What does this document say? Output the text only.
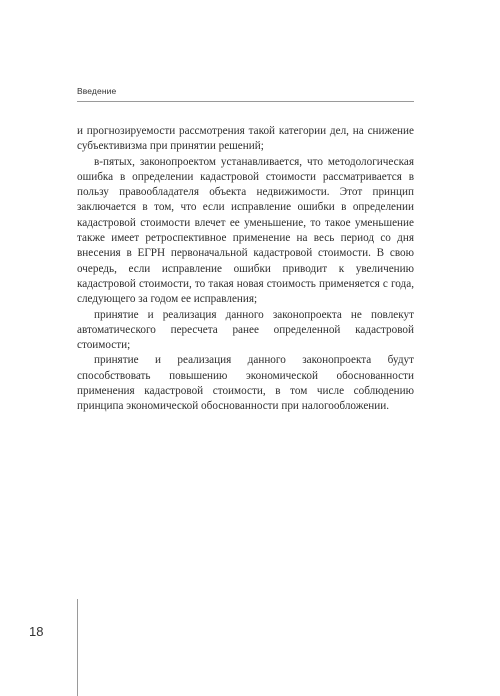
Введение

и прогнозируемости рассмотрения такой категории дел, на снижение субъективизма при принятии решений;

в-пятых, законопроектом устанавливается, что методологическая ошибка в определении кадастровой стоимости рассматривается в пользу правообладателя объекта недвижимости. Этот принцип заключается в том, что если исправление ошибки в определении кадастровой стоимости влечет ее уменьшение, то такое уменьшение также имеет ретроспективное применение на весь период со дня внесения в ЕГРН первоначальной кадастровой стоимости. В свою очередь, если исправление ошибки приводит к увеличению кадастровой стоимости, то такая новая стоимость применяется с года, следующего за годом ее исправления;

принятие и реализация данного законопроекта не повлекут автоматического пересчета ранее определенной кадастровой стоимости;

принятие и реализация данного законопроекта будут способствовать повышению экономической обоснованности применения кадастровой стоимости, в том числе соблюдению принципа экономической обоснованности при налогообложении.

18
